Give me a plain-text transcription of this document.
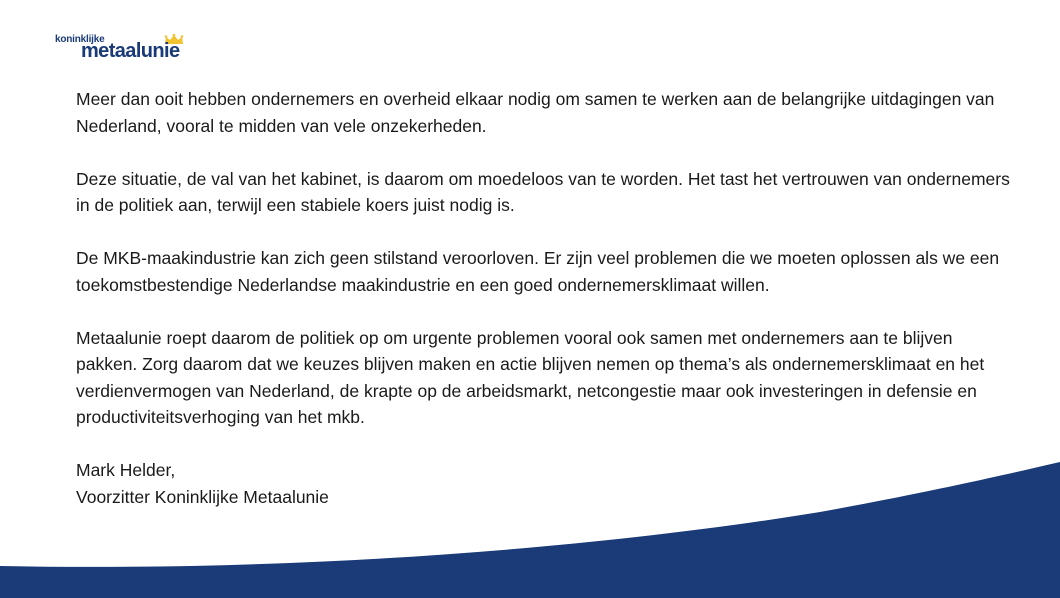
koninklijke
metaalunie

Meer dan ooit hebben ondernemers en overheid elkaar nodig om samen te werken aan de belangrijke uitdagingen van Nederland, vooral te midden van vele onzekerheden.

Deze situatie, de val van het kabinet, is daarom om moedeloos van te worden. Het tast het vertrouwen van ondernemers in de politiek aan, terwijl een stabiele koers juist nodig is.

De MKB-maakindustrie kan zich geen stilstand veroorloven. Er zijn veel problemen die we moeten oplossen als we een toekomstbestendige Nederlandse maakindustrie en een goed ondernemersklimaat willen.

Metaalunie roept daarom de politiek op om urgente problemen vooral ook samen met ondernemers aan te blijven pakken. Zorg daarom dat we keuzes blijven maken en actie blijven nemen op thema’s als ondernemersklimaat en het verdienvermogen van Nederland, de krapte op de arbeidsmarkt, netcongestie maar ook investeringen in defensie en productiviteitsverhoging van het mkb.

Mark Helder,

Voorzitter Koninklijke Metaalunie
